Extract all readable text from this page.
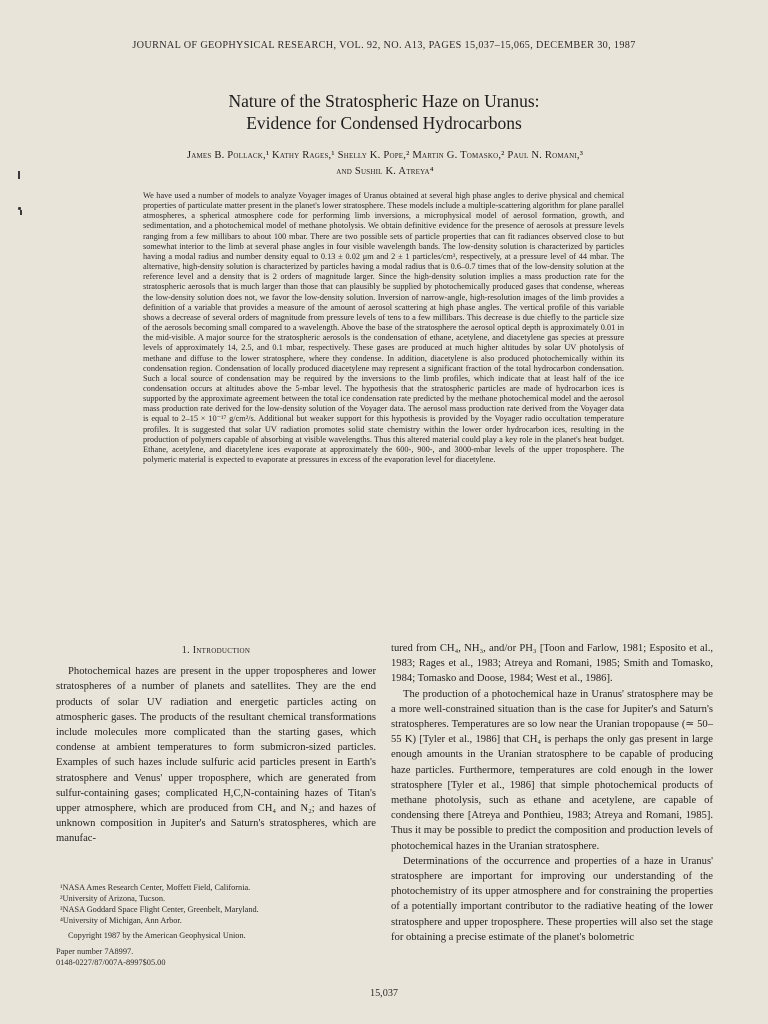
JOURNAL OF GEOPHYSICAL RESEARCH, VOL. 92, NO. A13, PAGES 15,037–15,065, DECEMBER 30, 1987
Nature of the Stratospheric Haze on Uranus:
Evidence for Condensed Hydrocarbons
James B. Pollack,¹ Kathy Rages,¹ Shelly K. Pope,² Martin G. Tomasko,² Paul N. Romani,³
and Sushil K. Atreya⁴
We have used a number of models to analyze Voyager images of Uranus obtained at several high phase angles to derive physical and chemical properties of particulate matter present in the planet's lower stratosphere. These models include a multiple-scattering algorithm for plane parallel atmospheres, a spherical atmosphere code for performing limb inversions, a microphysical model of aerosol formation, growth, and sedimentation, and a photochemical model of methane photolysis. We obtain definitive evidence for the presence of aerosols at pressure levels ranging from a few millibars to about 100 mbar. There are two possible sets of particle properties that can fit radiances observed close to but somewhat interior to the limb at several phase angles in four visible wavelength bands. The low-density solution is characterized by particles having a modal radius and number density equal to 0.13 ± 0.02 μm and 2 ± 1 particles/cm³, respectively, at a pressure level of 44 mbar. The alternative, high-density solution is characterized by particles having a modal radius that is 0.6–0.7 times that of the low-density solution at the reference level and a density that is 2 orders of magnitude larger. Since the high-density solution implies a mass production rate for the stratospheric aerosols that is much larger than those that can plausibly be supplied by photochemically produced gases that condense, whereas the low-density solution does not, we favor the low-density solution. Inversion of narrow-angle, high-resolution images of the limb provides a definition of a variable that provides a measure of the amount of aerosol scattering at high phase angles. The vertical profile of this variable shows a decrease of several orders of magnitude from pressure levels of tens to a few millibars. This decrease is due chiefly to the particle size of the aerosols becoming small compared to a wavelength. Above the base of the stratosphere the aerosol optical depth is approximately 0.01 in the mid-visible. A major source for the stratospheric aerosols is the condensation of ethane, acetylene, and diacetylene gas species at pressure levels of approximately 14, 2.5, and 0.1 mbar, respectively. These gases are produced at much higher altitudes by solar UV photolysis of methane and diffuse to the lower stratosphere, where they condense. In addition, diacetylene is also produced photochemically within its condensation region. Condensation of locally produced diacetylene may represent a significant fraction of the total hydrocarbon condensation. Such a local source of condensation may be required by the inversions to the limb profiles, which indicate that at least half of the ice condensation occurs at altitudes above the 5-mbar level. The hypothesis that the stratospheric particles are made of hydrocarbon ices is supported by the approximate agreement between the total ice condensation rate predicted by the methane photochemical model and the aerosol mass production rate derived for the low-density solution of the Voyager data. The aerosol mass production rate derived from the Voyager data is equal to 2–15 × 10⁻¹⁷ g/cm²/s. Additional but weaker support for this hypothesis is provided by the Voyager radio occultation temperature profiles. It is suggested that solar UV radiation promotes solid state chemistry within the lower order hydrocarbon ices, resulting in the production of polymers capable of absorbing at visible wavelengths. Thus this altered material could play a key role in the planet's heat budget. Ethane, acetylene, and diacetylene ices evaporate at approximately the 600-, 900-, and 3000-mbar levels of the upper troposphere. The polymeric material is expected to evaporate at pressures in excess of the evaporation level for diacetylene.
1. Introduction

Photochemical hazes are present in the upper tropospheres and lower stratospheres of a number of planets and satellites. They are the end products of solar UV radiation and energetic particles acting on atmospheric gases. The products of the resultant chemical transformations include molecules more complicated than the starting gases, which condense at ambient temperatures to form submicron-sized particles. Examples of such hazes include sulfuric acid particles present in Earth's stratosphere and Venus' upper troposphere, which are generated from sulfur-containing gases; complicated H,C,N-containing hazes of Titan's upper atmosphere, which are produced from CH₄ and N₂; and hazes of unknown composition in Jupiter's and Saturn's stratospheres, which are manufac-

tured from CH₄, NH₃, and/or PH₃ [Toon and Farlow, 1981; Esposito et al., 1983; Rages et al., 1983; Atreya and Romani, 1985; Smith and Tomasko, 1984; Tomasko and Doose, 1984; West et al., 1986].

The production of a photochemical haze in Uranus' stratosphere may be a more well-constrained situation than is the case for Jupiter's and Saturn's stratospheres. Temperatures are so low near the Uranian tropopause (≃ 50–55 K) [Tyler et al., 1986] that CH₄ is perhaps the only gas present in large enough amounts in the Uranian stratosphere to be capable of producing haze particles. Furthermore, temperatures are cold enough in the lower stratosphere [Tyler et al., 1986] that simple photochemical products of methane photolysis, such as ethane and acetylene, are capable of condensing there [Atreya and Ponthieu, 1983; Atreya and Romani, 1985]. Thus it may be possible to predict the composition and production levels of photochemical hazes in the Uranian stratosphere.

Determinations of the occurrence and properties of a haze in Uranus' stratosphere are important for improving our understanding of the photochemistry of its upper atmosphere and for constraining the properties of a potentially important contributor to the radiative heating of the lower stratosphere and upper troposphere. These properties will also set the stage for obtaining a precise estimate of the planet's bolometric

¹NASA Ames Research Center, Moffett Field, California.
²University of Arizona, Tucson.
³NASA Goddard Space Flight Center, Greenbelt, Maryland.
⁴University of Michigan, Ann Arbor.
Copyright 1987 by the American Geophysical Union.
Paper number 7A8997.
0148-0227/87/007A-8997$05.00
15,037
